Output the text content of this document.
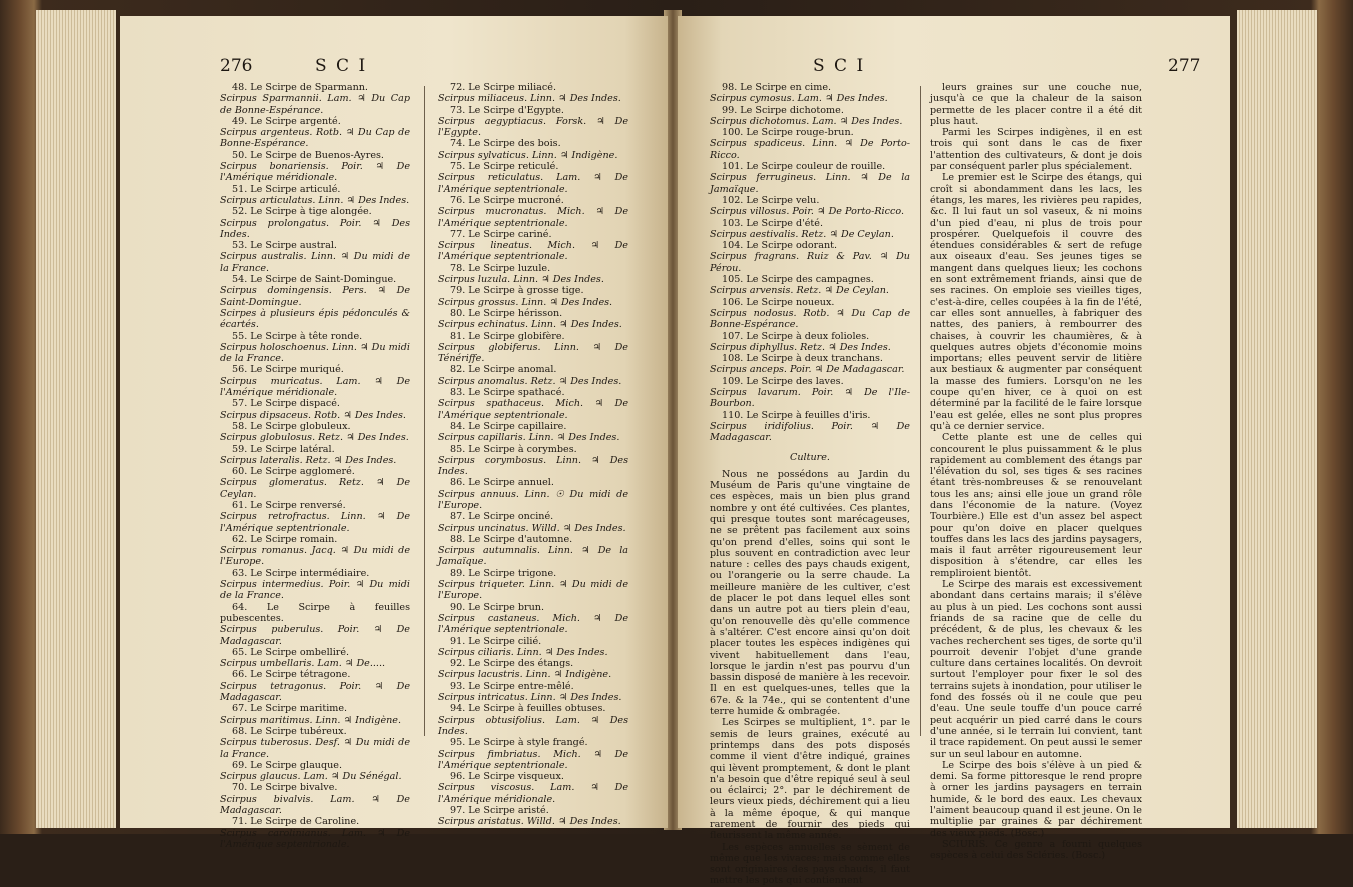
276	S C I

48. Le Scirpe de Sparmann.

Scirpus Sparmannii. Lam. ♃ Du Cap de Bonne-Espérance.

49. Le Scirpe argenté.

Scirpus argenteus. Rotb. ♃ Du Cap de Bonne-Espérance.

50. Le Scirpe de Buenos-Ayres.

Scirpus bonariensis. Poir. ♃ De l'Amérique méridionale.

51. Le Scirpe articulé.

Scirpus articulatus. Linn. ♃ Des Indes.

52. Le Scirpe à tige alongée.

Scirpus prolongatus. Poir. ♃ Des Indes.

53. Le Scirpe austral.

Scirpus australis. Linn. ♃ Du midi de la France.

54. Le Scirpe de Saint-Domingue.

Scirpus domingensis. Pers. ♃ De Saint-Domingue.

Scirpes à plusieurs épis pédonculés & écartés.

55. Le Scirpe à tête ronde.

Scirpus holoschoenus. Linn. ♃ Du midi de la France.

56. Le Scirpe muriqué.

Scirpus muricatus. Lam. ♃ De l'Amérique méridionale.

57. Le Scirpe dispacé.

Scirpus dipsaceus. Rotb. ♃ Des Indes.

58. Le Scirpe globuleux.

Scirpus globulosus. Retz. ♃ Des Indes.

59. Le Scirpe latéral.

Scirpus lateralis. Retz. ♃ Des Indes.

60. Le Scirpe agglomeré.

Scirpus glomeratus. Retz. ♃ De Ceylan.

61. Le Scirpe renversé.

Scirpus retrofractus. Linn. ♃ De l'Amérique septentrionale.

62. Le Scirpe romain.

Scirpus romanus. Jacq. ♃ Du midi de l'Europe.

63. Le Scirpe intermédiaire.

Scirpus intermedius. Poir. ♃ Du midi de la France.

64. Le Scirpe à feuilles pubescentes.

Scirpus puberulus. Poir. ♃ De Madagascar.

65. Le Scirpe ombelliré.

Scirpus umbellaris. Lam. ♃ De.....

66. Le Scirpe tétragone.

Scirpus tetragonus. Poir. ♃ De Madagascar.

67. Le Scirpe maritime.

Scirpus maritimus. Linn. ♃ Indigène.

68. Le Scirpe tubéreux.

Scirpus tuberosus. Desf. ♃ Du midi de la France.

69. Le Scirpe glauque.

Scirpus glaucus. Lam. ♃ Du Sénégal.

70. Le Scirpe bivalve.

Scirpus bivalvis. Lam. ♃ De Madagascar.

71. Le Scirpe de Caroline.

Scirpus carolinianus. Lam. ♃ De l'Amérique septentrionale.

72. Le Scirpe miliacé.

Scirpus miliaceus. Linn. ♃ Des Indes.

73. Le Scirpe d'Egypte.

Scirpus aegyptiacus. Forsk. ♃ De l'Egypte.

74. Le Scirpe des bois.

Scirpus sylvaticus. Linn. ♃ Indigène.

75. Le Scirpe reticulé.

Scirpus reticulatus. Lam. ♃ De l'Amérique septentrionale.

76. Le Scirpe mucroné.

Scirpus mucronatus. Mich. ♃ De l'Amérique septentrionale.

77. Le Scirpe cariné.

Scirpus lineatus. Mich. ♃ De l'Amérique septentrionale.

78. Le Scirpe luzule.

Scirpus luzula. Linn. ♃ Des Indes.

79. Le Scirpe à grosse tige.

Scirpus grossus. Linn. ♃ Des Indes.

80. Le Scirpe hérisson.

Scirpus echinatus. Linn. ♃ Des Indes.

81. Le Scirpe globifère.

Scirpus globiferus. Linn. ♃ De Ténériffe.

82. Le Scirpe anomal.

Scirpus anomalus. Retz. ♃ Des Indes.

83. Le Scirpe spathacé.

Scirpus spathaceus. Mich. ♃ De l'Amérique septentrionale.

84. Le Scirpe capillaire.

Scirpus capillaris. Linn. ♃ Des Indes.

85. Le Scirpe à corymbes.

Scirpus corymbosus. Linn. ♃ Des Indes.

86. Le Scirpe annuel.

Scirpus annuus. Linn. ☉ Du midi de l'Europe.

87. Le Scirpe onciné.

Scirpus uncinatus. Willd. ♃ Des Indes.

88. Le Scirpe d'automne.

Scirpus autumnalis. Linn. ♃ De la Jamaïque.

89. Le Scirpe trigone.

Scirpus triqueter. Linn. ♃ Du midi de l'Europe.

90. Le Scirpe brun.

Scirpus castaneus. Mich. ♃ De l'Amérique septentrionale.

91. Le Scirpe cilié.

Scirpus ciliaris. Linn. ♃ Des Indes.

92. Le Scirpe des étangs.

Scirpus lacustris. Linn. ♃ Indigène.

93. Le Scirpe entre-mêlé.

Scirpus intricatus. Linn. ♃ Des Indes.

94. Le Scirpe à feuilles obtuses.

Scirpus obtusifolius. Lam. ♃ Des Indes.

95. Le Scirpe à style frangé.

Scirpus fimbriatus. Mich. ♃ De l'Amérique septentrionale.

96. Le Scirpe visqueux.

Scirpus viscosus. Lam. ♃ De l'Amérique méridionale.

97. Le Scirpe aristé.

Scirpus aristatus. Willd. ♃ Des Indes.

S C I	277

98. Le Scirpe en cime.

Scirpus cymosus. Lam. ♃ Des Indes.

99. Le Scirpe dichotome.

Scirpus dichotomus. Lam. ♃ Des Indes.

100. Le Scirpe rouge-brun.

Scirpus spadiceus. Linn. ♃ De Porto-Ricco.

101. Le Scirpe couleur de rouille.

Scirpus ferrugineus. Linn. ♃ De la Jamaïque.

102. Le Scirpe velu.

Scirpus villosus. Poir. ♃ De Porto-Ricco.

103. Le Scirpe d'été.

Scirpus aestivalis. Retz. ♃ De Ceylan.

104. Le Scirpe odorant.

Scirpus fragrans. Ruiz & Pav. ♃ Du Pérou.

105. Le Scirpe des campagnes.

Scirpus arvensis. Retz. ♃ De Ceylan.

106. Le Scirpe noueux.

Scirpus nodosus. Rotb. ♃ Du Cap de Bonne-Espérance.

107. Le Scirpe à deux folioles.

Scirpus diphyllus. Retz. ♃ Des Indes.

108. Le Scirpe à deux tranchans.

Scirpus anceps. Poir. ♃ De Madagascar.

109. Le Scirpe des laves.

Scirpus lavarum. Poir. ♃ De l'Ile-Bourbon.

110. Le Scirpe à feuilles d'iris.

Scirpus iridifolius. Poir. ♃ De Madagascar.

Culture.

Nous ne possédons au Jardin du Muséum de Paris qu'une vingtaine de ces espèces, mais un bien plus grand nombre y ont été cultivées. Ces plantes, qui presque toutes sont marécageuses, ne se prêtent pas facilement aux soins qu'on prend d'elles, soins qui sont le plus souvent en contradiction avec leur nature : celles des pays chauds exigent, ou l'orangerie ou la serre chaude. La meilleure manière de les cultiver, c'est de placer le pot dans lequel elles sont dans un autre pot au tiers plein d'eau, qu'on renouvelle dès qu'elle commence à s'altérer. C'est encore ainsi qu'on doit placer toutes les espèces indigènes qui vivent habituellement dans l'eau, lorsque le jardin n'est pas pourvu d'un bassin disposé de manière à les recevoir. Il en est quelques-unes, telles que la 67e. & la 74e., qui se contentent d'une terre humide & ombragée.

Les Scirpes se multiplient, 1°. par le semis de leurs graines, exécuté au printemps dans des pots disposés comme il vient d'être indiqué, graines qui lèvent promptement, & dont le plant n'a besoin que d'être repiqué seul à seul ou éclairci; 2°. par le déchirement de leurs vieux pieds, déchirement qui a lieu à la même époque, & qui manque rarement de fournir des pieds qui fleurissent la même année.

Les espèces annuelles se sèment de même que les vivaces; mais comme elles sont originaires des pays chauds, il faut mettre les pots qui contiennent

leurs graines sur une couche nue, jusqu'à ce que la chaleur de la saison permette de les placer contre il a été dit plus haut.

Parmi les Scirpes indigènes, il en est trois qui sont dans le cas de fixer l'attention des cultivateurs, & dont je dois par conséquent parler plus spécialement.

Le premier est le Scirpe des étangs, qui croît si abondamment dans les lacs, les étangs, les mares, les rivières peu rapides, &c. Il lui faut un sol vaseux, & ni moins d'un pied d'eau, ni plus de trois pour prospérer. Quelquefois il couvre des étendues considérables & sert de refuge aux oiseaux d'eau. Ses jeunes tiges se mangent dans quelques lieux; les cochons en sont extrêmement friands, ainsi que de ses racines. On emploie ses vieilles tiges, c'est-à-dire, celles coupées à la fin de l'été, car elles sont annuelles, à fabriquer des nattes, des paniers, à rembourrer des chaises, à couvrir les chaumières, & à quelques autres objets d'économie moins importans; elles peuvent servir de litière aux bestiaux & augmenter par conséquent la masse des fumiers. Lorsqu'on ne les coupe qu'en hiver, ce à quoi on est déterminé par la facilité de le faire lorsque l'eau est gelée, elles ne sont plus propres qu'à ce dernier service.

Cette plante est une de celles qui concourent le plus puissamment & le plus rapidement au comblement des étangs par l'élévation du sol, ses tiges & ses racines étant très-nombreuses & se renouvelant tous les ans; ainsi elle joue un grand rôle dans l'économie de la nature. (Voyez Tourbière.) Elle est d'un assez bel aspect pour qu'on doive en placer quelques touffes dans les lacs des jardins paysagers, mais il faut arrêter rigoureusement leur disposition à s'étendre, car elles les rempliroient bientôt.

Le Scirpe des marais est excessivement abondant dans certains marais; il s'élève au plus à un pied. Les cochons sont aussi friands de sa racine que de celle du précédent, & de plus, les chevaux & les vaches recherchent ses tiges, de sorte qu'il pourroit devenir l'objet d'une grande culture dans certaines localités. On devroit surtout l'employer pour fixer le sol des terrains sujets à inondation, pour utiliser le fond des fossés où il ne coule que peu d'eau. Une seule touffe d'un pouce carré peut acquérir un pied carré dans le cours d'une année, si le terrain lui convient, tant il trace rapidement. On peut aussi le semer sur un seul labour en automne.

Le Scirpe des bois s'élève à un pied & demi. Sa forme pittoresque le rend propre à orner les jardins paysagers en terrain humide, & le bord des eaux. Les chevaux l'aiment beaucoup quand il est jeune. On le multiplie par graines & par déchirement des vieux pieds. (Bosc.)

SCIURIS. Ce genre a fourni quelques espèces à celui des Scléries. (Bosc.)
